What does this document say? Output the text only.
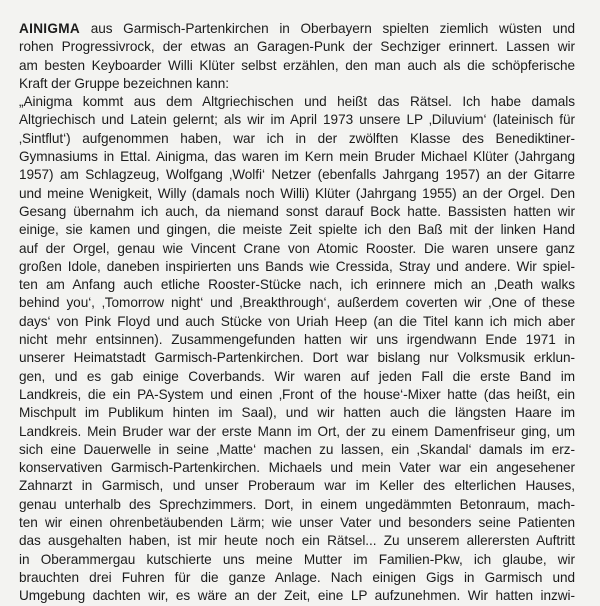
AINIGMA aus Garmisch-Partenkirchen in Oberbayern spielten ziemlich wüsten und
rohen Progressivrock, der etwas an Garagen-Punk der Sechziger erinnert. Lassen wir
am besten Keyboarder Willi Klüter selbst erzählen, den man auch als die schöpferische
Kraft der Gruppe bezeichnen kann:
„Ainigma kommt aus dem Altgriechischen und heißt das Rätsel. Ich habe damals
Altgriechisch und Latein gelernt; als wir im April 1973 unsere LP ‚Diluvium‘ (lateinisch für
‚Sintflut‘) aufgenommen haben, war ich in der zwölften Klasse des Benediktiner-
Gymnasiums in Ettal. Ainigma, das waren im Kern mein Bruder Michael Klüter (Jahrgang
1957) am Schlagzeug, Wolfgang ‚Wolfi‘ Netzer (ebenfalls Jahrgang 1957) an der Gitarre
und meine Wenigkeit, Willy (damals noch Willi) Klüter (Jahrgang 1955) an der Orgel. Den
Gesang übernahm ich auch, da niemand sonst darauf Bock hatte. Bassisten hatten wir
einige, sie kamen und gingen, die meiste Zeit spielte ich den Baß mit der linken Hand
auf der Orgel, genau wie Vincent Crane von Atomic Rooster. Die waren unsere ganz
großen Idole, daneben inspirierten uns Bands wie Cressida, Stray und andere. Wir spiel-
ten am Anfang auch etliche Rooster-Stücke nach, ich erinnere mich an ‚Death walks
behind you‘, ‚Tomorrow night‘ und ‚Breakthrough‘, außerdem coverten wir ‚One of these
days‘ von Pink Floyd und auch Stücke von Uriah Heep (an die Titel kann ich mich aber
nicht mehr entsinnen). Zusammengefunden hatten wir uns irgendwann Ende 1971 in
unserer Heimatstadt Garmisch-Partenkirchen. Dort war bislang nur Volksmusik erklun-
gen, und es gab einige Coverbands. Wir waren auf jeden Fall die erste Band im
Landkreis, die ein PA-System und einen ‚Front of the house‘-Mixer hatte (das heißt, ein
Mischpult im Publikum hinten im Saal), und wir hatten auch die längsten Haare im
Landkreis. Mein Bruder war der erste Mann im Ort, der zu einem Damenfriseur ging, um
sich eine Dauerwelle in seine ‚Matte‘ machen zu lassen, ein ‚Skandal‘ damals im erz-
konservativen Garmisch-Partenkirchen. Michaels und mein Vater war ein angesehener
Zahnarzt in Garmisch, und unser Proberaum war im Keller des elterlichen Hauses,
genau unterhalb des Sprechzimmers. Dort, in einem ungedämmten Betonraum, mach-
ten wir einen ohrenbetäubenden Lärm; wie unser Vater und besonders seine Patienten
das ausgehalten haben, ist mir heute noch ein Rätsel... Zu unserem allerersten Auftritt
in Oberammergau kutschierte uns meine Mutter im Familien-Pkw, ich glaube, wir
brauchten drei Fuhren für die ganze Anlage. Nach einigen Gigs in Garmisch und
Umgebung dachten wir, es wäre an der Zeit, eine LP aufzunehmen. Wir hatten inzwi-
